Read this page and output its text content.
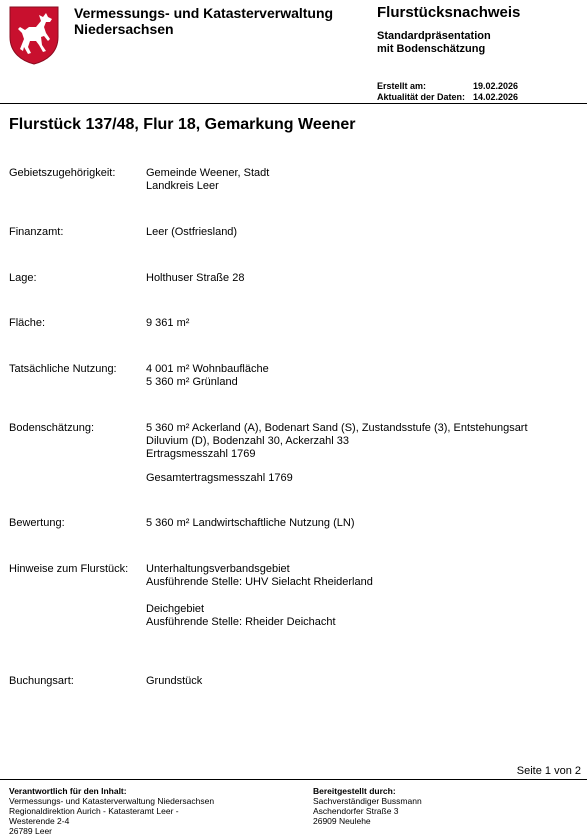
Vermessungs- und Katasterverwaltung
Niedersachsen
Flurstücksnachweis
Standardpräsentation
mit Bodenschätzung
Erstellt am:	19.02.2026
Aktualität der Daten: 14.02.2026
Flurstück 137/48, Flur 18, Gemarkung Weener
Gebietszugehörigkeit:	Gemeinde Weener, Stadt
Landkreis Leer
Finanzamt:	Leer (Ostfriesland)
Lage:	Holthuser Straße 28
Fläche:	9 361 m²
Tatsächliche Nutzung:	4 001 m² Wohnbaufläche
5 360 m² Grünland
Bodenschätzung:	5 360 m² Ackerland (A), Bodenart Sand (S), Zustandsstufe (3), Entstehungsart
Diluvium (D), Bodenzahl 30, Ackerzahl 33
Ertragsmesszahl 1769
Gesamtertragsmesszahl 1769
Bewertung:	5 360 m² Landwirtschaftliche Nutzung (LN)
Hinweise zum Flurstück: Unterhaltungsverbandsgebiet
Ausführende Stelle: UHV Sielacht Rheiderland
Deichgebiet
Ausführende Stelle: Rheider Deichacht
Buchungsart:	Grundstück
Seite 1 von 2
Verantwortlich für den Inhalt:
Vermessungs- und Katasterverwaltung Niedersachsen
Regionaldirektion Aurich - Katasteramt Leer -
Westerende 2-4
26789 Leer
Bereitgestellt durch:
Sachverständiger Bussmann
Aschendorfer Straße 3
26909 Neulehe
